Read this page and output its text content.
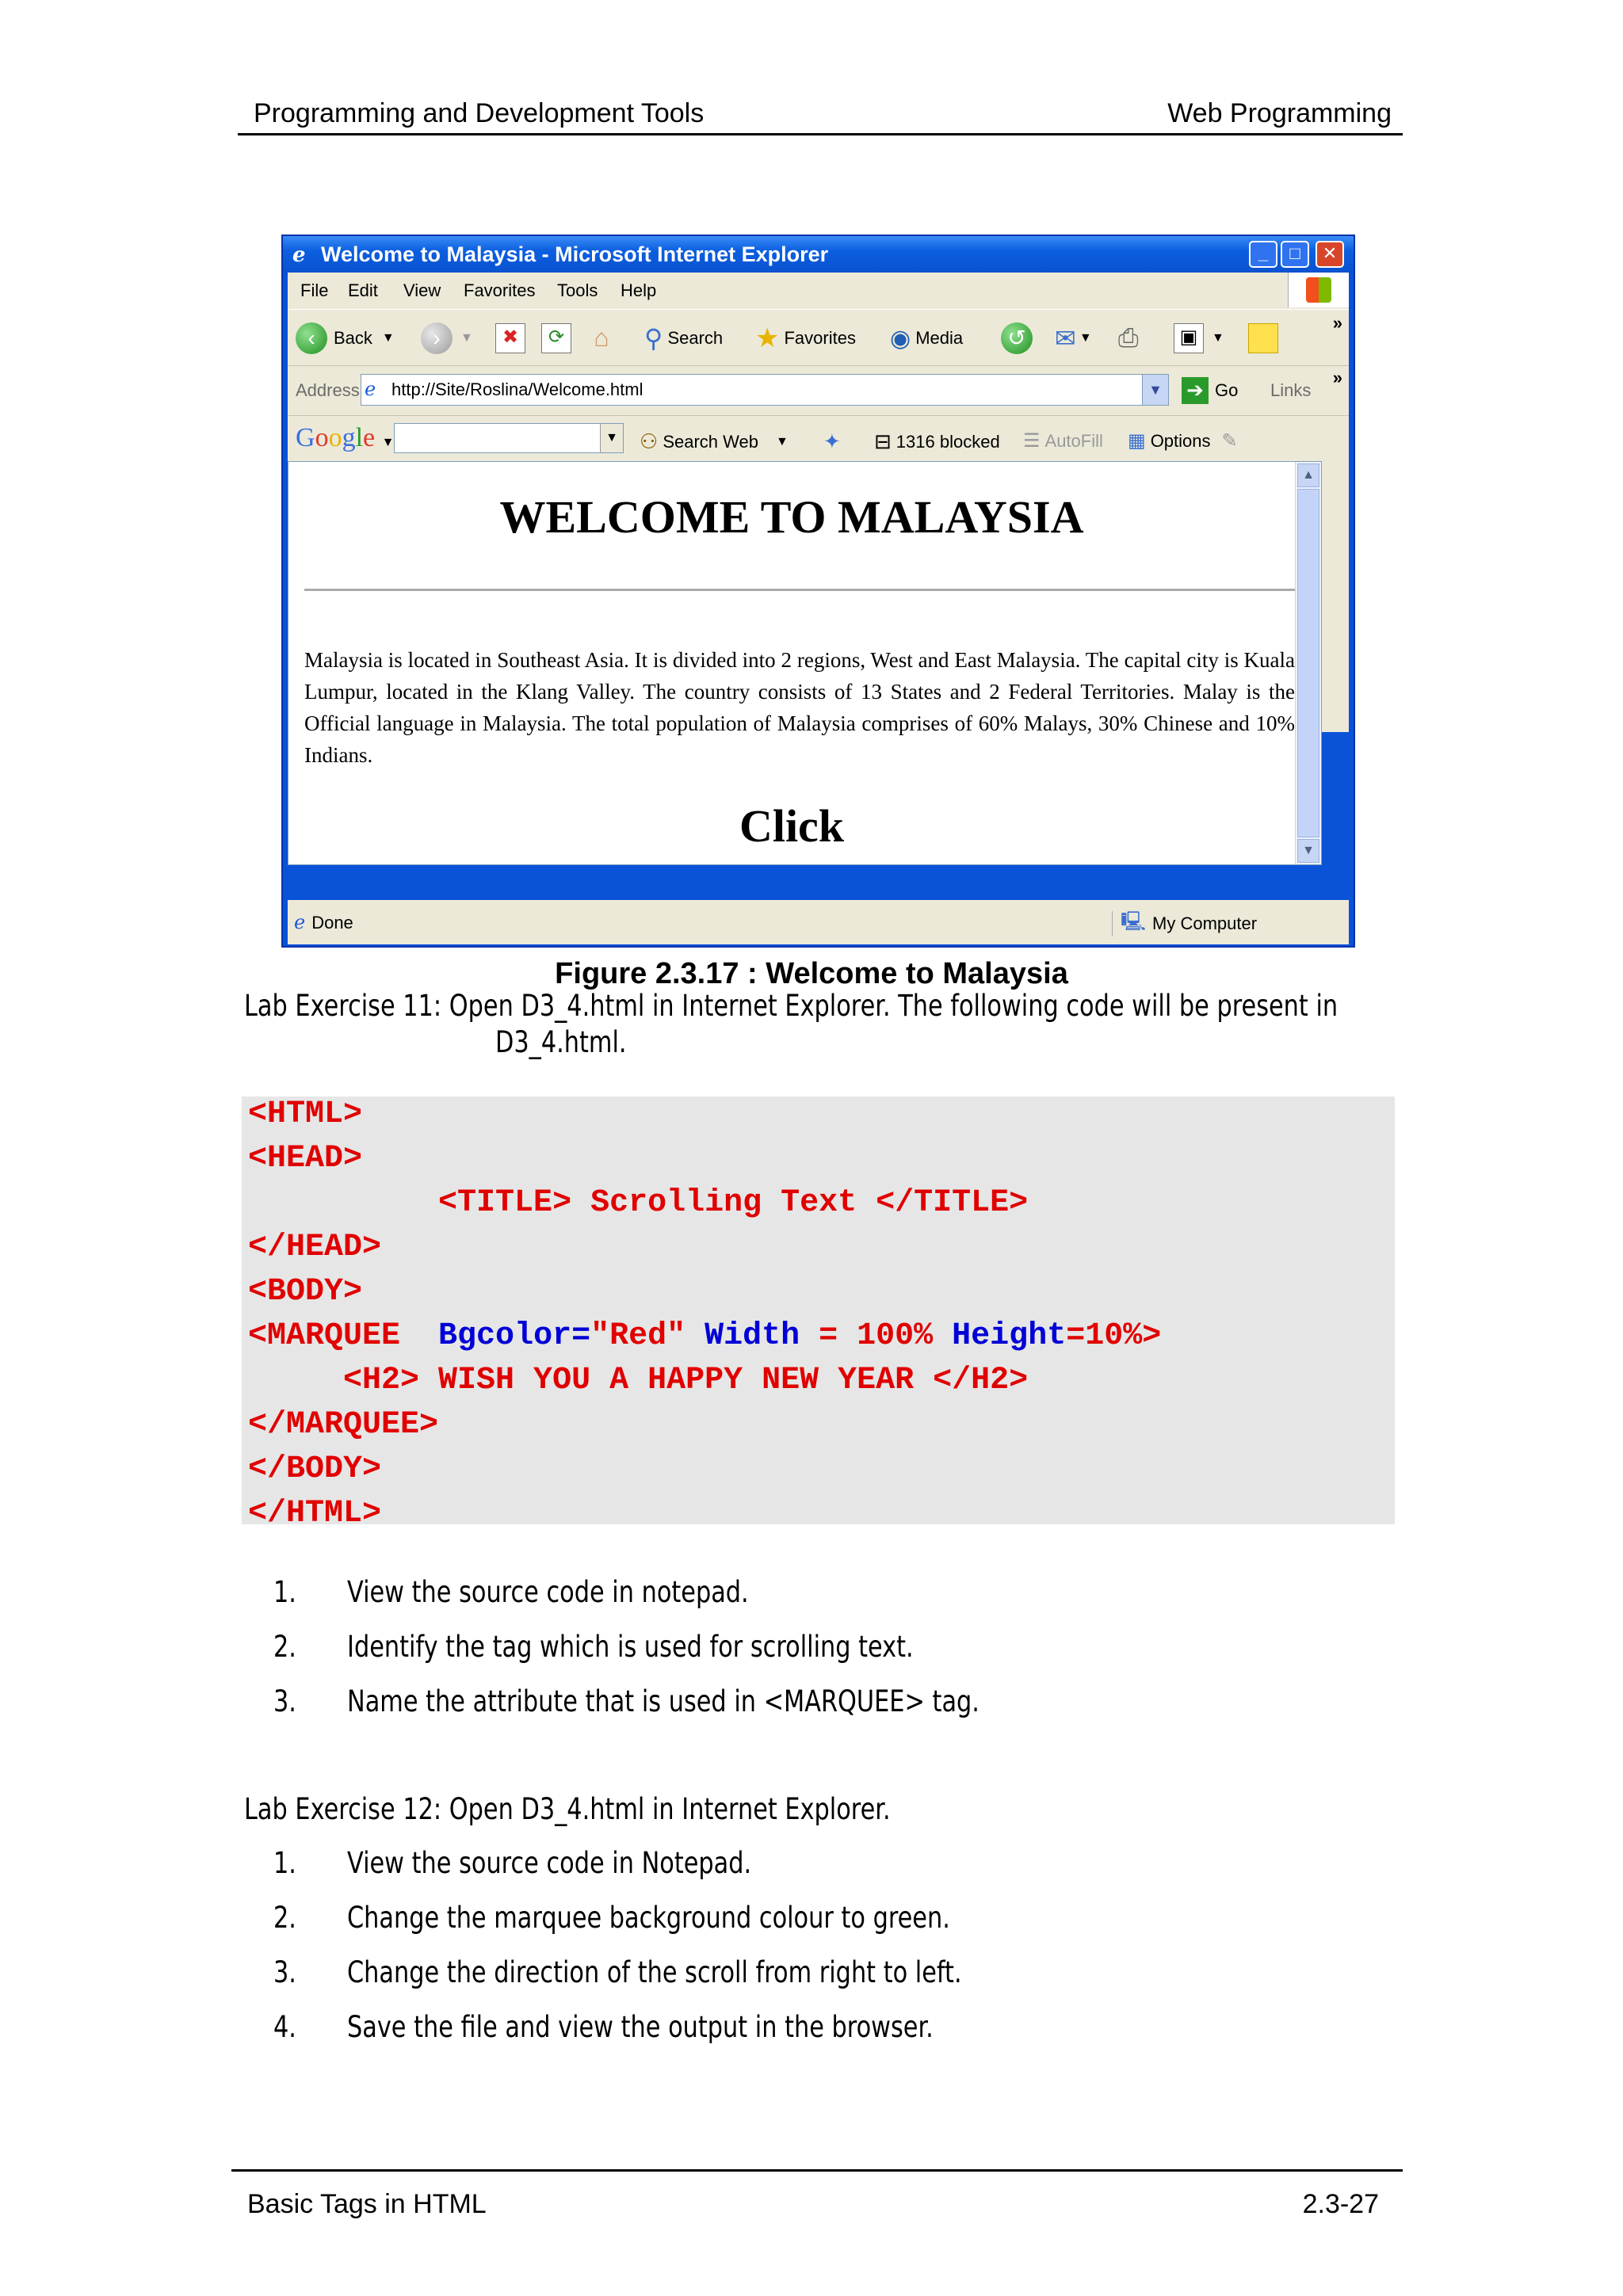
Programming and Development Tools	Web Programming
ℯ Welcome to Malaysia - Microsoft Internet Explorer	_	□	✕
File Edit View Favorites Tools Help
‹	Back ▼	›	▼	✖	⟳ ⌂ ⚲ Search ★ Favorites ◉ Media ↺ ✉ ▼ ⎙	▣	▼
»
Address ℯ http://Site/Roslina/Welcome.html	▼ ➔ Go Links
»
Google ▼	▼ ⚇ Search Web ▼ ✦ ⊟ 1316 blocked ☰ AutoFill ▦ Options ✎
WELCOME TO MALAYSIA
Malaysia is located in Southeast Asia. It is divided into 2 regions, West and East Malaysia. The capital city is Kuala Lumpur, located in the Klang Valley. The country consists of 13 States and 2 Federal Territories. Malay is the Official language in Malaysia. The total population of Malaysia comprises of 60% Malays, 30% Chinese and 10% Indians.
Click
▲
▼
ℯ Done	🖳 My Computer
Figure 2.3.17 : Welcome to Malaysia
Lab Exercise 11: Open D3_4.html in Internet Explorer. The following code will be present in
D3_4.html.
<HTML>
<HEAD>
<TITLE> Scrolling Text </TITLE>
</HEAD>
<BODY>
<MARQUEE  Bgcolor="Red" Width = 100% Height=10%>
<H2> WISH YOU A HAPPY NEW YEAR </H2>
</MARQUEE>
</BODY>
</HTML>
1. View the source code in notepad.
2. Identify the tag which is used for scrolling text.
3. Name the attribute that is used in <MARQUEE> tag.
Lab Exercise 12: Open D3_4.html in Internet Explorer.
1. View the source code in Notepad.
2. Change the marquee background colour to green.
3. Change the direction of the scroll from right to left.
4. Save the file and view the output in the browser.
Basic Tags in HTML	2.3-27
